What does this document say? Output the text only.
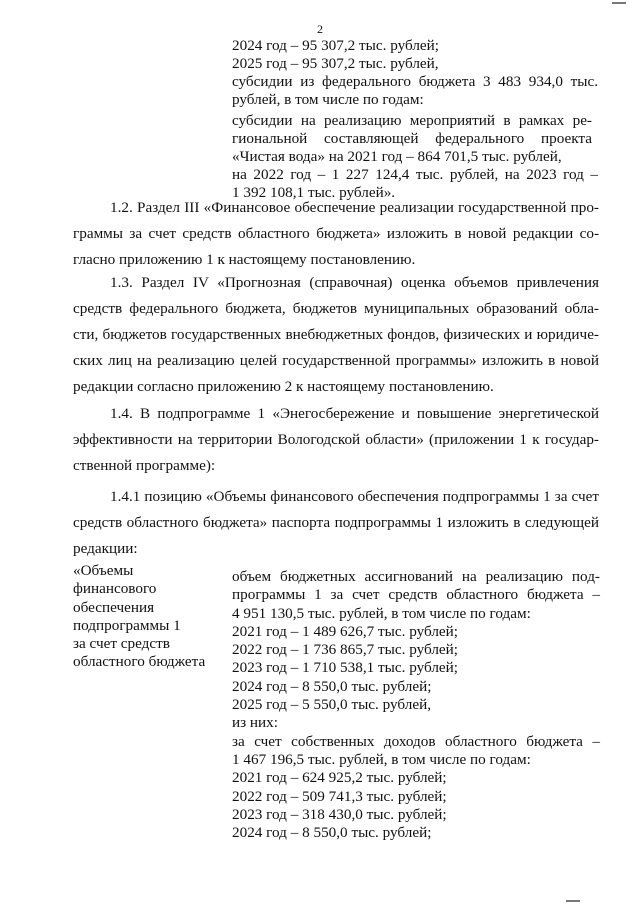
2
2024 год – 95 307,2 тыс. рублей;
2025 год – 95 307,2 тыс. рублей,
субсидии из федерального бюджета 3 483 934,0 тыс.
рублей, в том числе по годам:
субсидии на реализацию мероприятий в рамках ре-
гиональной составляющей федерального проекта
«Чистая вода» на 2021 год – 864 701,5 тыс. рублей,
на 2022 год – 1 227 124,4 тыс. рублей, на 2023 год –
1 392 108,1 тыс. рублей».
1.2. Раздел III «Финансовое обеспечение реализации государственной про-
граммы за счет средств областного бюджета» изложить в новой редакции со-
гласно приложению 1 к настоящему постановлению.
1.3. Раздел IV «Прогнозная (справочная) оценка объемов привлечения
средств федерального бюджета, бюджетов муниципальных образований обла-
сти, бюджетов государственных внебюджетных фондов, физических и юридиче-
ских лиц на реализацию целей государственной программы» изложить в новой
редакции согласно приложению 2 к настоящему постановлению.
1.4. В подпрограмме 1 «Энегосбережение и повышение энергетической
эффективности на территории Вологодской области» (приложении 1 к государ-
ственной программе):
1.4.1 позицию «Объемы финансового обеспечения подпрограммы 1 за счет
средств областного бюджета» паспорта подпрограммы 1 изложить в следующей
редакции:
«Объемы
финансового
обеспечения
подпрограммы 1
за счет средств
областного бюджета
объем бюджетных ассигнований на реализацию под-
программы 1 за счет средств областного бюджета –
4 951 130,5 тыс. рублей, в том числе по годам:
2021 год – 1 489 626,7 тыс. рублей;
2022 год – 1 736 865,7 тыс. рублей;
2023 год – 1 710 538,1 тыс. рублей;
2024 год – 8 550,0 тыс. рублей;
2025 год – 5 550,0 тыс. рублей,
из них:
за счет собственных доходов областного бюджета –
1 467 196,5 тыс. рублей, в том числе по годам:
2021 год – 624 925,2 тыс. рублей;
2022 год – 509 741,3 тыс. рублей;
2023 год – 318 430,0 тыс. рублей;
2024 год – 8 550,0 тыс. рублей;
